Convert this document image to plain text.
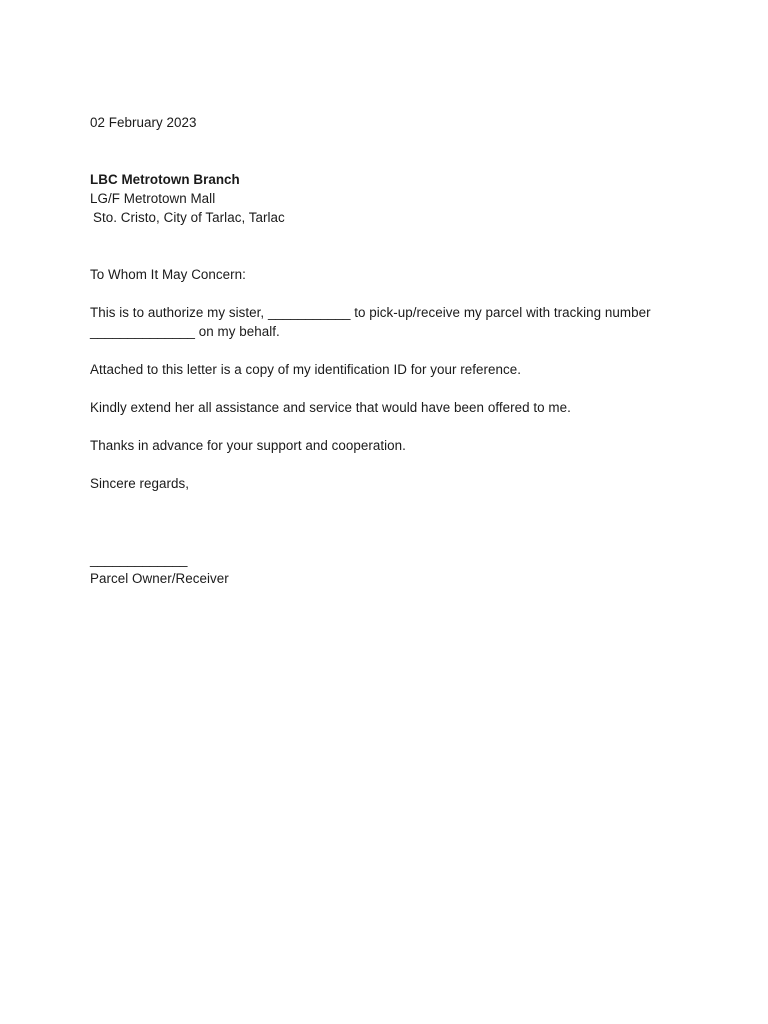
02 February 2023
LBC Metrotown Branch
LG/F Metrotown Mall
Sto. Cristo, City of Tarlac, Tarlac
To Whom It May Concern:
This is to authorize my sister, ___________ to pick-up/receive my parcel with tracking number
______________ on my behalf.
Attached to this letter is a copy of my identification ID for your reference.
Kindly extend her all assistance and service that would have been offered to me.
Thanks in advance for your support and cooperation.
Sincere regards,
_____________
Parcel Owner/Receiver
